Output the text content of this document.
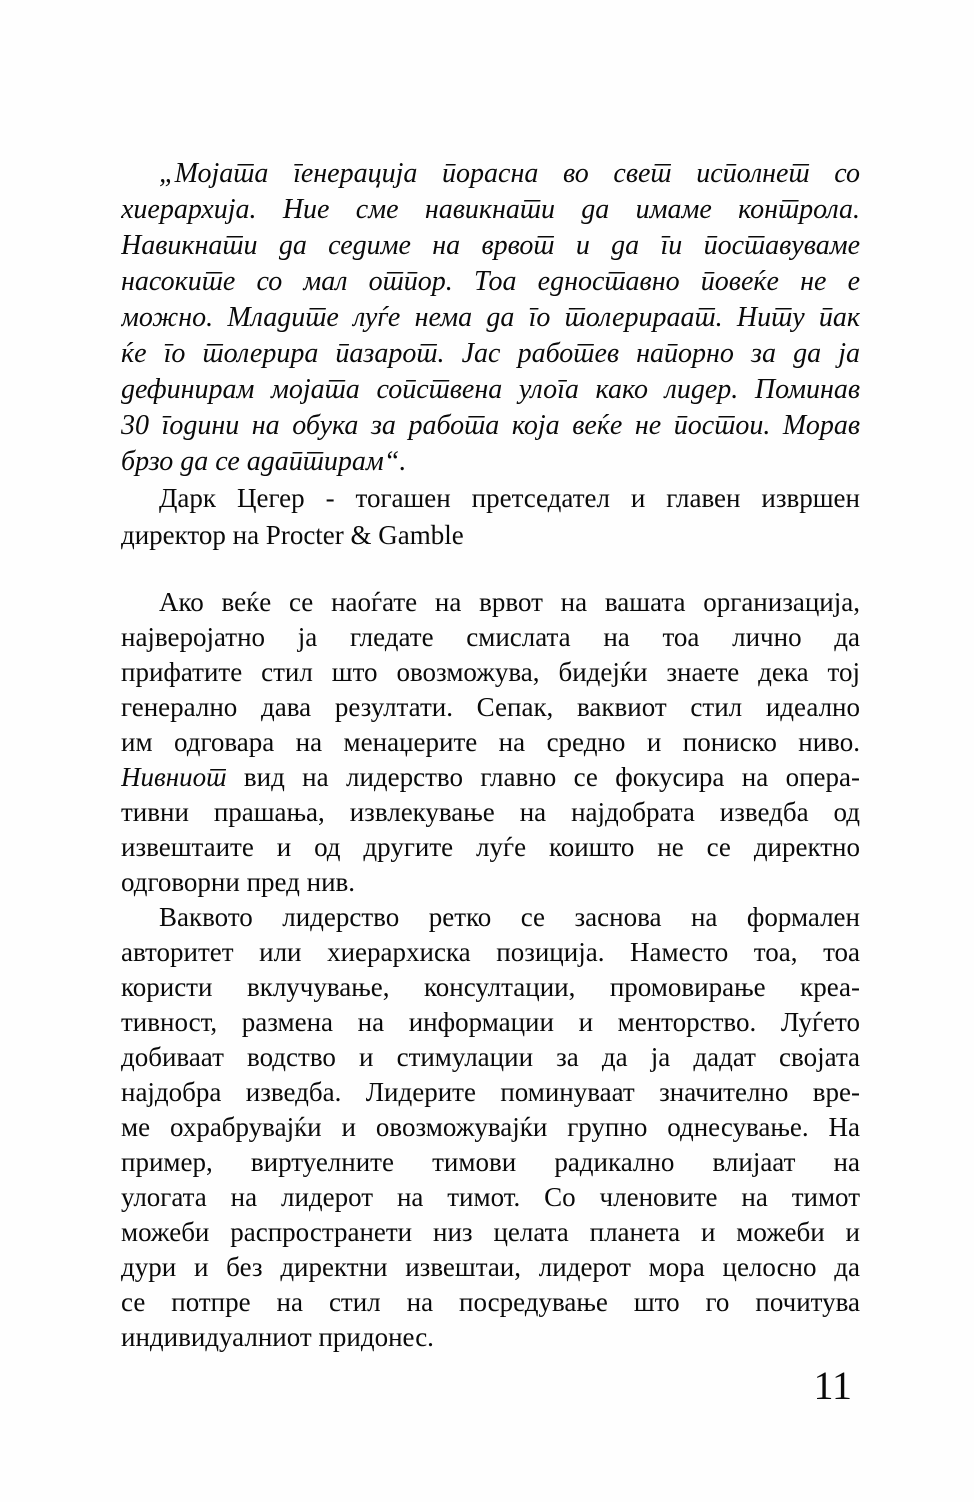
„Мојата генерација порасна во свет исполнет со
хиерархија. Ние сме навикнати да имаме контрола.
Навикнати да седиме на врвот и да ги поставуваме
насоките со мал отпор. Тоа едноставно повеќе не е
можно. Младите луѓе нема да го толерираат. Ниту пак
ќе го толерира пазарот. Јас работев напорно за да ја
дефинирам мојата сопствена улога како лидер. Поминав
30 години на обука за работа која веќе не постои. Морав
брзо да се адаптирам“.
Дарк Цегер - тогашен претседател и главен извршен
директор на Procter & Gamble
Ако веќе се наоѓате на врвот на вашата организација,
најверојатно ја гледате смислата на тоа лично да
прифатите стил што овозможува, бидејќи знаете дека тој
генерално дава резултати. Сепак, ваквиот стил идеално
им одговара на менаџерите на средно и пониско ниво.
Нивниот вид на лидерство главно се фокусира на опера-
тивни прашања, извлекување на најдобрата изведба од
извештаите и од другите луѓе коишто не се директно
одговорни пред нив.
Ваквото лидерство ретко се заснова на формален
авторитет или хиерархиска позиција. Наместо тоа, тоа
користи вклучување, консултации, промовирање креа-
тивност, размена на информации и менторство. Луѓето
добиваат водство и стимулации за да ја дадат својата
најдобра изведба. Лидерите поминуваат значително вре-
ме охрабрувајќи и овозможувајќи групно однесување. На
пример, виртуелните тимови радикално влијаат на
улогата на лидерот на тимот. Со членовите на тимот
можеби распространети низ целата планета и можеби и
дури и без директни извештаи, лидерот мора целосно да
се потпре на стил на посредување што го почитува
индивидуалниот придонес.
11
